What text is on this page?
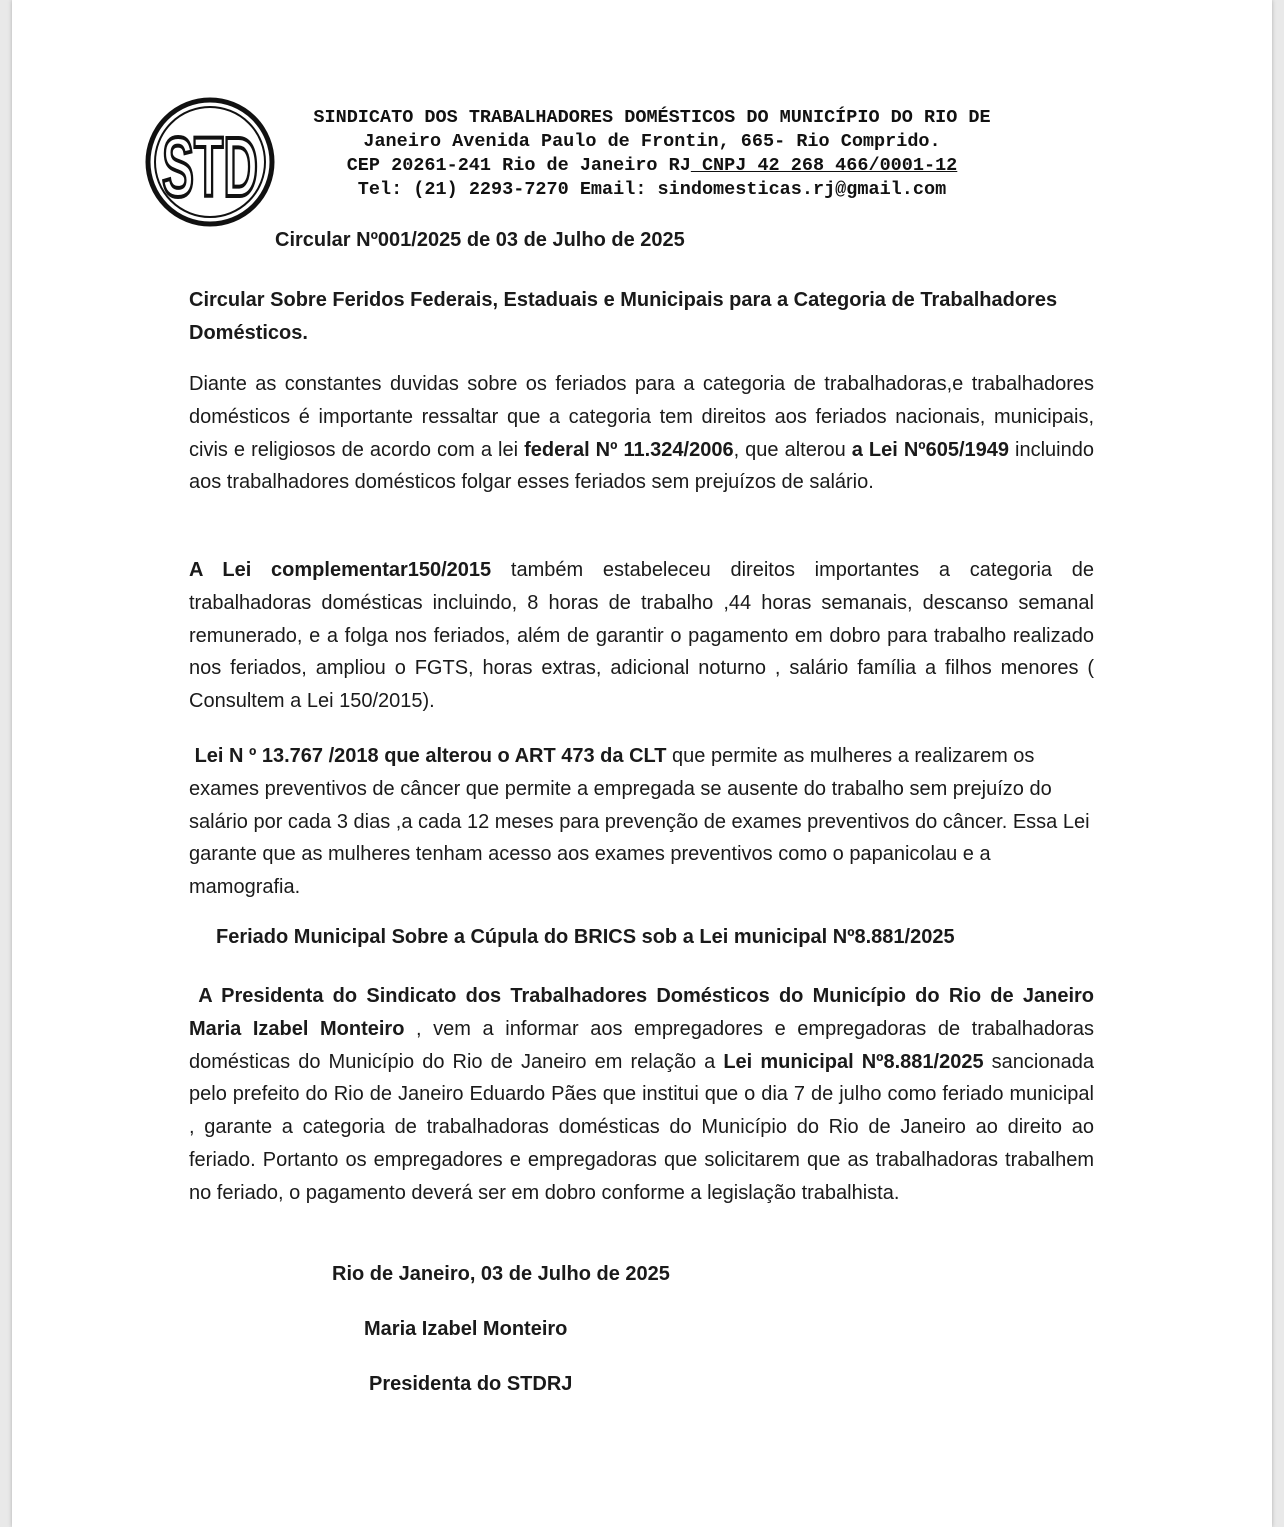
STD
SINDICATO DOS TRABALHADORES DOMÉSTICOS DO MUNICÍPIO DO RIO DE
Janeiro Avenida Paulo de Frontin, 665- Rio Comprido.
CEP 20261-241 Rio de Janeiro RJ CNPJ 42 268 466/0001-12
Tel: (21) 2293-7270 Email: sindomesticas.rj@gmail.com
Circular Nº001/2025 de 03 de Julho de 2025
Circular Sobre Feridos Federais, Estaduais e Municipais para a Categoria de Trabalhadores Domésticos.
Diante as constantes duvidas sobre os feriados para a categoria de trabalhadoras,e trabalhadores domésticos é importante ressaltar que a categoria tem direitos aos feriados nacionais, municipais, civis e religiosos de acordo com a lei federal Nº 11.324/2006, que alterou a Lei Nº605/1949 incluindo aos trabalhadores domésticos folgar esses feriados sem prejuízos de salário.
A Lei complementar150/2015 também estabeleceu direitos importantes a categoria de trabalhadoras domésticas incluindo, 8 horas de trabalho ,44 horas semanais, descanso semanal remunerado, e a folga nos feriados, além de garantir o pagamento em dobro para trabalho realizado nos feriados, ampliou o FGTS, horas extras, adicional noturno , salário família a filhos menores ( Consultem a Lei 150/2015).
Lei N º 13.767 /2018 que alterou o ART 473 da CLT que permite as mulheres a realizarem os exames preventivos de câncer que permite a empregada se ausente do trabalho sem prejuízo do salário por cada 3 dias ,a cada 12 meses para prevenção de exames preventivos do câncer. Essa Lei garante que as mulheres tenham acesso aos exames preventivos como o papanicolau e a mamografia.
Feriado Municipal Sobre a Cúpula do BRICS sob a Lei municipal Nº8.881/2025
A Presidenta do Sindicato dos Trabalhadores Domésticos do Município do Rio de Janeiro Maria Izabel Monteiro , vem a informar aos empregadores e empregadoras de trabalhadoras domésticas do Município do Rio de Janeiro em relação a Lei municipal Nº8.881/2025 sancionada pelo prefeito do Rio de Janeiro Eduardo Pães que institui que o dia 7 de julho como feriado municipal , garante a categoria de trabalhadoras domésticas do Município do Rio de Janeiro ao direito ao feriado. Portanto os empregadores e empregadoras que solicitarem que as trabalhadoras trabalhem no feriado, o pagamento deverá ser em dobro conforme a legislação trabalhista.
Rio de Janeiro, 03 de Julho de 2025
Maria Izabel Monteiro
Presidenta do STDRJ
